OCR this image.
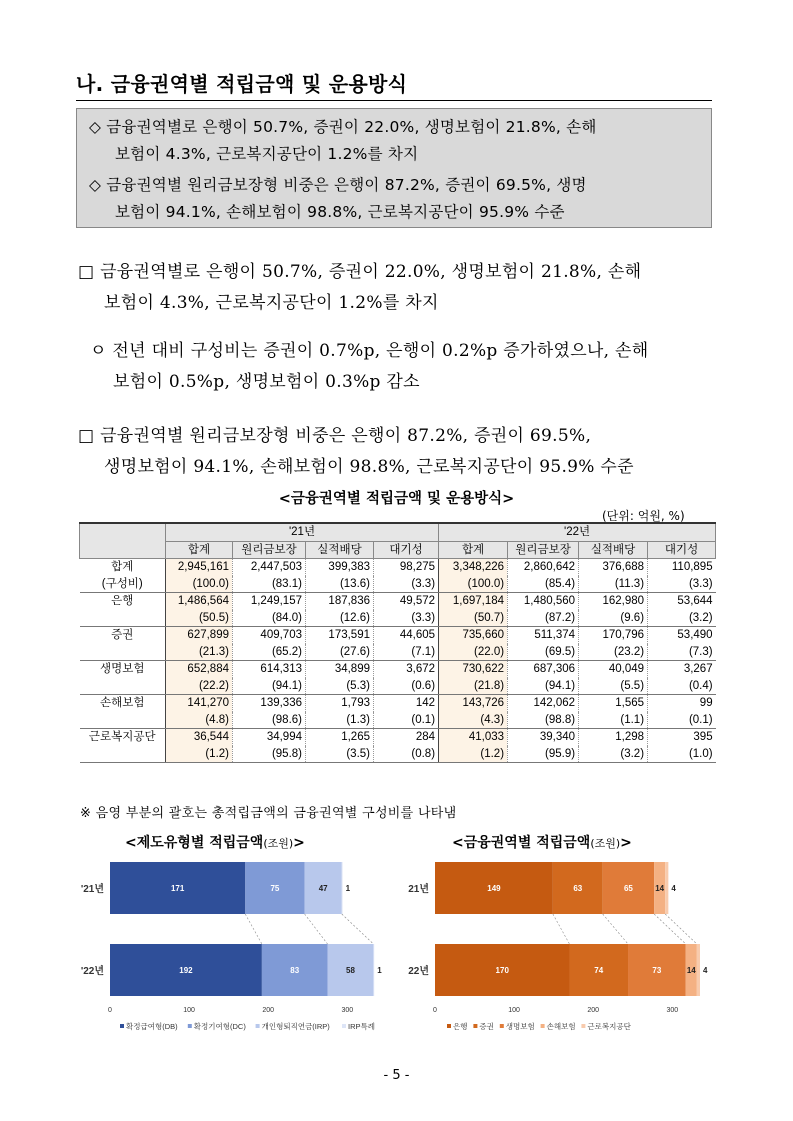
나. 금융권역별 적립금액 및 운용방식
◇ 금융권역별로 은행이 50.7%, 증권이 22.0%, 생명보험이 21.8%, 손해
보험이 4.3%, 근로복지공단이 1.2%를 차지
◇ 금융권역별 원리금보장형 비중은 은행이 87.2%, 증권이 69.5%, 생명
보험이 94.1%, 손해보험이 98.8%, 근로복지공단이 95.9% 수준
□ 금융권역별로 은행이 50.7%, 증권이 22.0%, 생명보험이 21.8%, 손해
보험이 4.3%, 근로복지공단이 1.2%를 차지
ㅇ 전년 대비 구성비는 증권이 0.7%p, 은행이 0.2%p 증가하였으나, 손해
보험이 0.5%p, 생명보험이 0.3%p 감소
□ 금융권역별 원리금보장형 비중은 은행이 87.2%, 증권이 69.5%,
생명보험이 94.1%, 손해보험이 98.8%, 근로복지공단이 95.9% 수준
<금융권역별 적립금액 및 운용방식>
(단위: 억원, %)
	'21년				'22년			
	합계	원리금보장	실적배당	대기성	합계	원리금보장	실적배당	대기성
합계	2,945,161	2,447,503	399,383	98,275	3,348,226	2,860,642	376,688	110,895
(구성비)	(100.0)	(83.1)	(13.6)	(3.3)	(100.0)	(85.4)	(11.3)	(3.3)
은행	1,486,564	1,249,157	187,836	49,572	1,697,184	1,480,560	162,980	53,644
	(50.5)	(84.0)	(12.6)	(3.3)	(50.7)	(87.2)	(9.6)	(3.2)
증권	627,899	409,703	173,591	44,605	735,660	511,374	170,796	53,490
	(21.3)	(65.2)	(27.6)	(7.1)	(22.0)	(69.5)	(23.2)	(7.3)
생명보험	652,884	614,313	34,899	3,672	730,622	687,306	40,049	3,267
	(22.2)	(94.1)	(5.3)	(0.6)	(21.8)	(94.1)	(5.5)	(0.4)
손해보험	141,270	139,336	1,793	142	143,726	142,062	1,565	99
	(4.8)	(98.6)	(1.3)	(0.1)	(4.3)	(98.8)	(1.1)	(0.1)
근로복지공단	36,544	34,994	1,265	284	41,033	39,340	1,298	395
	(1.2)	(95.8)	(3.5)	(0.8)	(1.2)	(95.9)	(3.2)	(1.0)
※ 음영 부분의 괄호는 총적립금액의 금융권역별 구성비를 나타냄
<제도유형별 적립금액(조원)>	<금융권역별 적립금액(조원)>
'21년	171	75	47 1
'22년	192	83	58	1
0	100	200	300
확정급여형(DB) 확정기여형(DC) 개인형퇴직연금(IRP) IRP특례
21년	149	63	65	14 4
22년	170	74	73	14 4
0	100	200	300
은행 증권 생명보험 손해보험 근로복지공단
- 5 -
